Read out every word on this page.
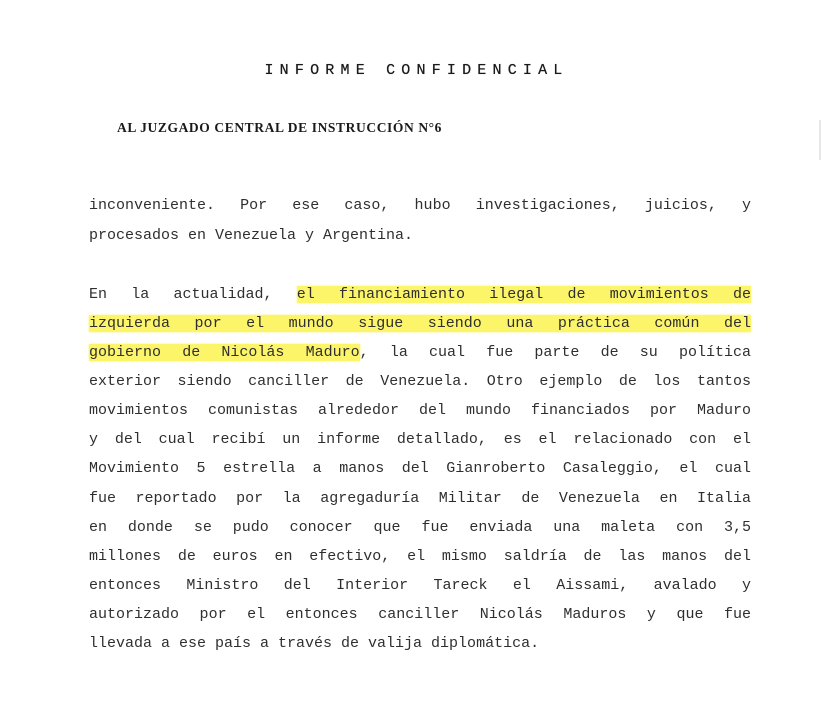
INFORME CONFIDENCIAL
AL JUZGADO CENTRAL DE INSTRUCCIÓN N°6
inconveniente. Por ese caso, hubo investigaciones, juicios, y
procesados en Venezuela y Argentina.
En la actualidad, el financiamiento ilegal de movimientos de
izquierda por el mundo sigue siendo una práctica común del
gobierno de Nicolás Maduro, la cual fue parte de su política
exterior siendo canciller de Venezuela. Otro ejemplo de los tantos
movimientos comunistas alrededor del mundo financiados por Maduro
y del cual recibí un informe detallado, es el relacionado con el
Movimiento 5 estrella a manos del Gianroberto Casaleggio, el cual
fue reportado por la agregaduría Militar de Venezuela en Italia
en donde se pudo conocer que fue enviada una maleta con 3,5
millones de euros en efectivo, el mismo saldría de las manos del
entonces Ministro del Interior Tareck el Aissami, avalado y
autorizado por el entonces canciller Nicolás Maduros y que fue
llevada a ese país a través de valija diplomática.
